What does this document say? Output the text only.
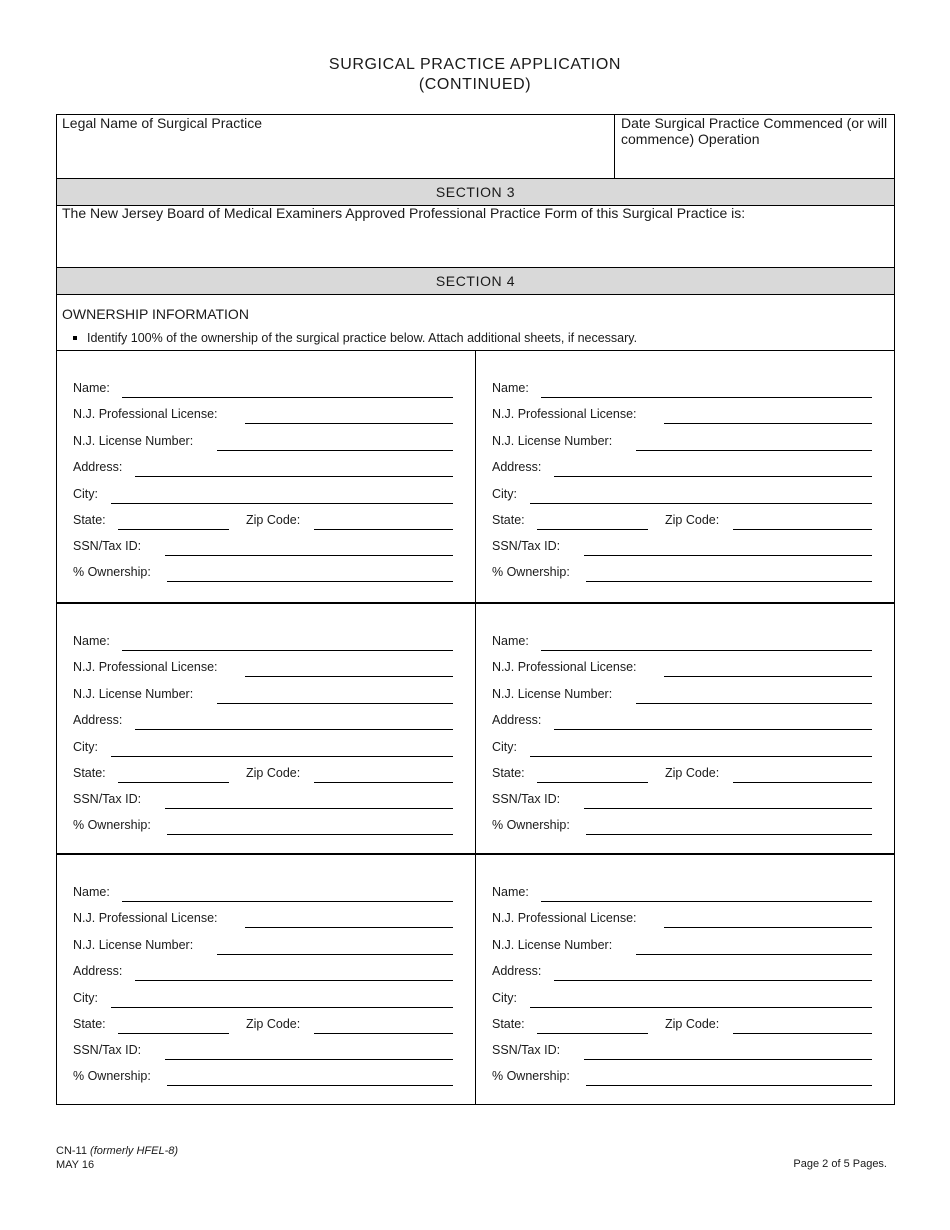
SURGICAL PRACTICE APPLICATION
(CONTINUED)
Legal Name of Surgical Practice	Date Surgical Practice Commenced (or will commence) Operation
SECTION 3
The New Jersey Board of Medical Examiners Approved Professional Practice Form of this Surgical Practice is:
SECTION 4
OWNERSHIP INFORMATION
Identify 100% of the ownership of the surgical practice below. Attach additional sheets, if necessary.
Name:
N.J. Professional License:
N.J. License Number:
Address:
City:
State:	Zip Code:
SSN/Tax ID:
% Ownership:
Name:
N.J. Professional License:
N.J. License Number:
Address:
City:
State:	Zip Code:
SSN/Tax ID:
% Ownership:
Name:
N.J. Professional License:
N.J. License Number:
Address:
City:
State:	Zip Code:
SSN/Tax ID:
% Ownership:
Name:
N.J. Professional License:
N.J. License Number:
Address:
City:
State:	Zip Code:
SSN/Tax ID:
% Ownership:
Name:
N.J. Professional License:
N.J. License Number:
Address:
City:
State:	Zip Code:
SSN/Tax ID:
% Ownership:
Name:
N.J. Professional License:
N.J. License Number:
Address:
City:
State:	Zip Code:
SSN/Tax ID:
% Ownership:
CN-11 (formerly HFEL-8)
MAY 16	Page 2 of 5 Pages.
